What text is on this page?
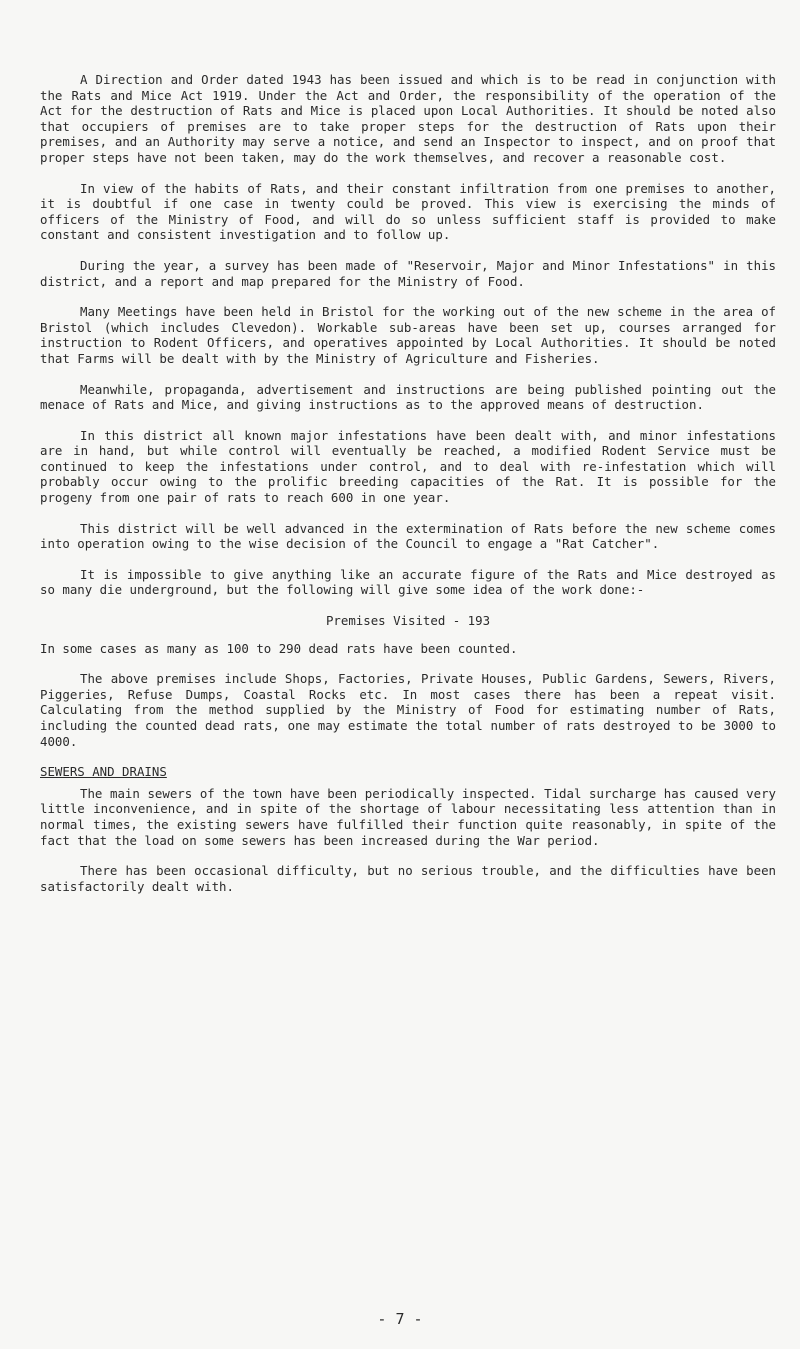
A Direction and Order dated 1943 has been issued and which is to be read in conjunction with the Rats and Mice Act 1919. Under the Act and Order, the responsibility of the operation of the Act for the destruction of Rats and Mice is placed upon Local Authorities. It should be noted also that occupiers of premises are to take proper steps for the destruction of Rats upon their premises, and an Authority may serve a notice, and send an Inspector to inspect, and on proof that proper steps have not been taken, may do the work themselves, and recover a reasonable cost.

In view of the habits of Rats, and their constant infiltration from one premises to another, it is doubtful if one case in twenty could be proved. This view is exercising the minds of officers of the Ministry of Food, and will do so unless sufficient staff is provided to make constant and consistent investigation and to follow up.

During the year, a survey has been made of "Reservoir, Major and Minor Infestations" in this district, and a report and map prepared for the Ministry of Food.

Many Meetings have been held in Bristol for the working out of the new scheme in the area of Bristol (which includes Clevedon). Workable sub-areas have been set up, courses arranged for instruction to Rodent Officers, and operatives appointed by Local Authorities. It should be noted that Farms will be dealt with by the Ministry of Agriculture and Fisheries.

Meanwhile, propaganda, advertisement and instructions are being published pointing out the menace of Rats and Mice, and giving instructions as to the approved means of destruction.

In this district all known major infestations have been dealt with, and minor infestations are in hand, but while control will eventually be reached, a modified Rodent Service must be continued to keep the infestations under control, and to deal with re-infestation which will probably occur owing to the prolific breeding capacities of the Rat. It is possible for the progeny from one pair of rats to reach 600 in one year.

This district will be well advanced in the extermination of Rats before the new scheme comes into operation owing to the wise decision of the Council to engage a "Rat Catcher".

It is impossible to give anything like an accurate figure of the Rats and Mice destroyed as so many die underground, but the following will give some idea of the work done:-

Premises Visited - 193

In some cases as many as 100 to 290 dead rats have been counted.

The above premises include Shops, Factories, Private Houses, Public Gardens, Sewers, Rivers, Piggeries, Refuse Dumps, Coastal Rocks etc. In most cases there has been a repeat visit. Calculating from the method supplied by the Ministry of Food for estimating number of Rats, including the counted dead rats, one may estimate the total number of rats destroyed to be 3000 to 4000.

SEWERS AND DRAINS

The main sewers of the town have been periodically inspected. Tidal surcharge has caused very little inconvenience, and in spite of the shortage of labour necessitating less attention than in normal times, the existing sewers have fulfilled their function quite reasonably, in spite of the fact that the load on some sewers has been increased during the War period.

There has been occasional difficulty, but no serious trouble, and the difficulties have been satisfactorily dealt with.

- 7 -
